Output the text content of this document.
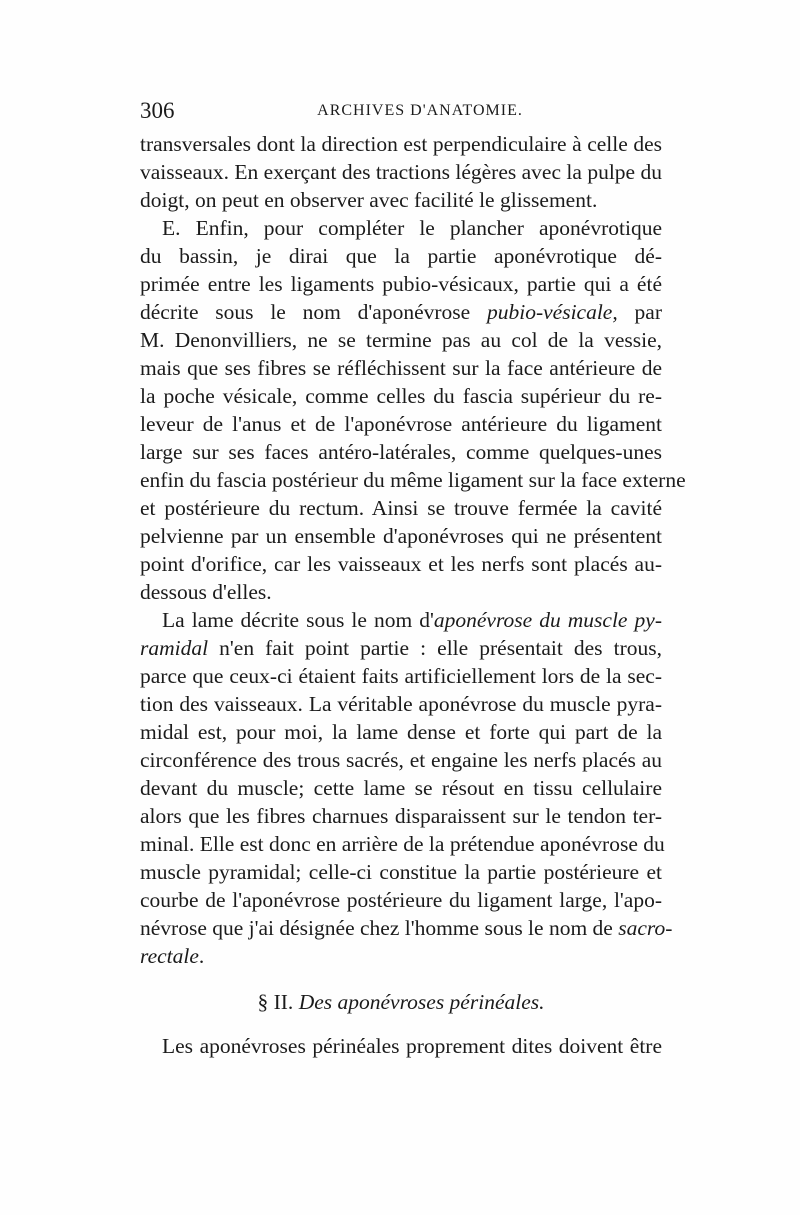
306	ARCHIVES D'ANATOMIE.
transversales dont la direction est perpendiculaire à celle des
vaisseaux. En exerçant des tractions légères avec la pulpe du
doigt, on peut en observer avec facilité le glissement.
E. Enfin, pour compléter le plancher aponévrotique
du bassin, je dirai que la partie aponévrotique dé-
primée entre les ligaments pubio-vésicaux, partie qui a été
décrite sous le nom d'aponévrose pubio-vésicale, par
M. Denonvilliers, ne se termine pas au col de la vessie,
mais que ses fibres se réfléchissent sur la face antérieure de
la poche vésicale, comme celles du fascia supérieur du re-
leveur de l'anus et de l'aponévrose antérieure du ligament
large sur ses faces antéro-latérales, comme quelques-unes
enfin du fascia postérieur du même ligament sur la face externe
et postérieure du rectum. Ainsi se trouve fermée la cavité
pelvienne par un ensemble d'aponévroses qui ne présentent
point d'orifice, car les vaisseaux et les nerfs sont placés au-
dessous d'elles.
La lame décrite sous le nom d'aponévrose du muscle py-
ramidal n'en fait point partie : elle présentait des trous,
parce que ceux-ci étaient faits artificiellement lors de la sec-
tion des vaisseaux. La véritable aponévrose du muscle pyra-
midal est, pour moi, la lame dense et forte qui part de la
circonférence des trous sacrés, et engaine les nerfs placés au
devant du muscle; cette lame se résout en tissu cellulaire
alors que les fibres charnues disparaissent sur le tendon ter-
minal. Elle est donc en arrière de la prétendue aponévrose du
muscle pyramidal; celle-ci constitue la partie postérieure et
courbe de l'aponévrose postérieure du ligament large, l'apo-
névrose que j'ai désignée chez l'homme sous le nom de sacro-
rectale.
§ II. Des aponévroses périnéales.
Les aponévroses périnéales proprement dites doivent être
